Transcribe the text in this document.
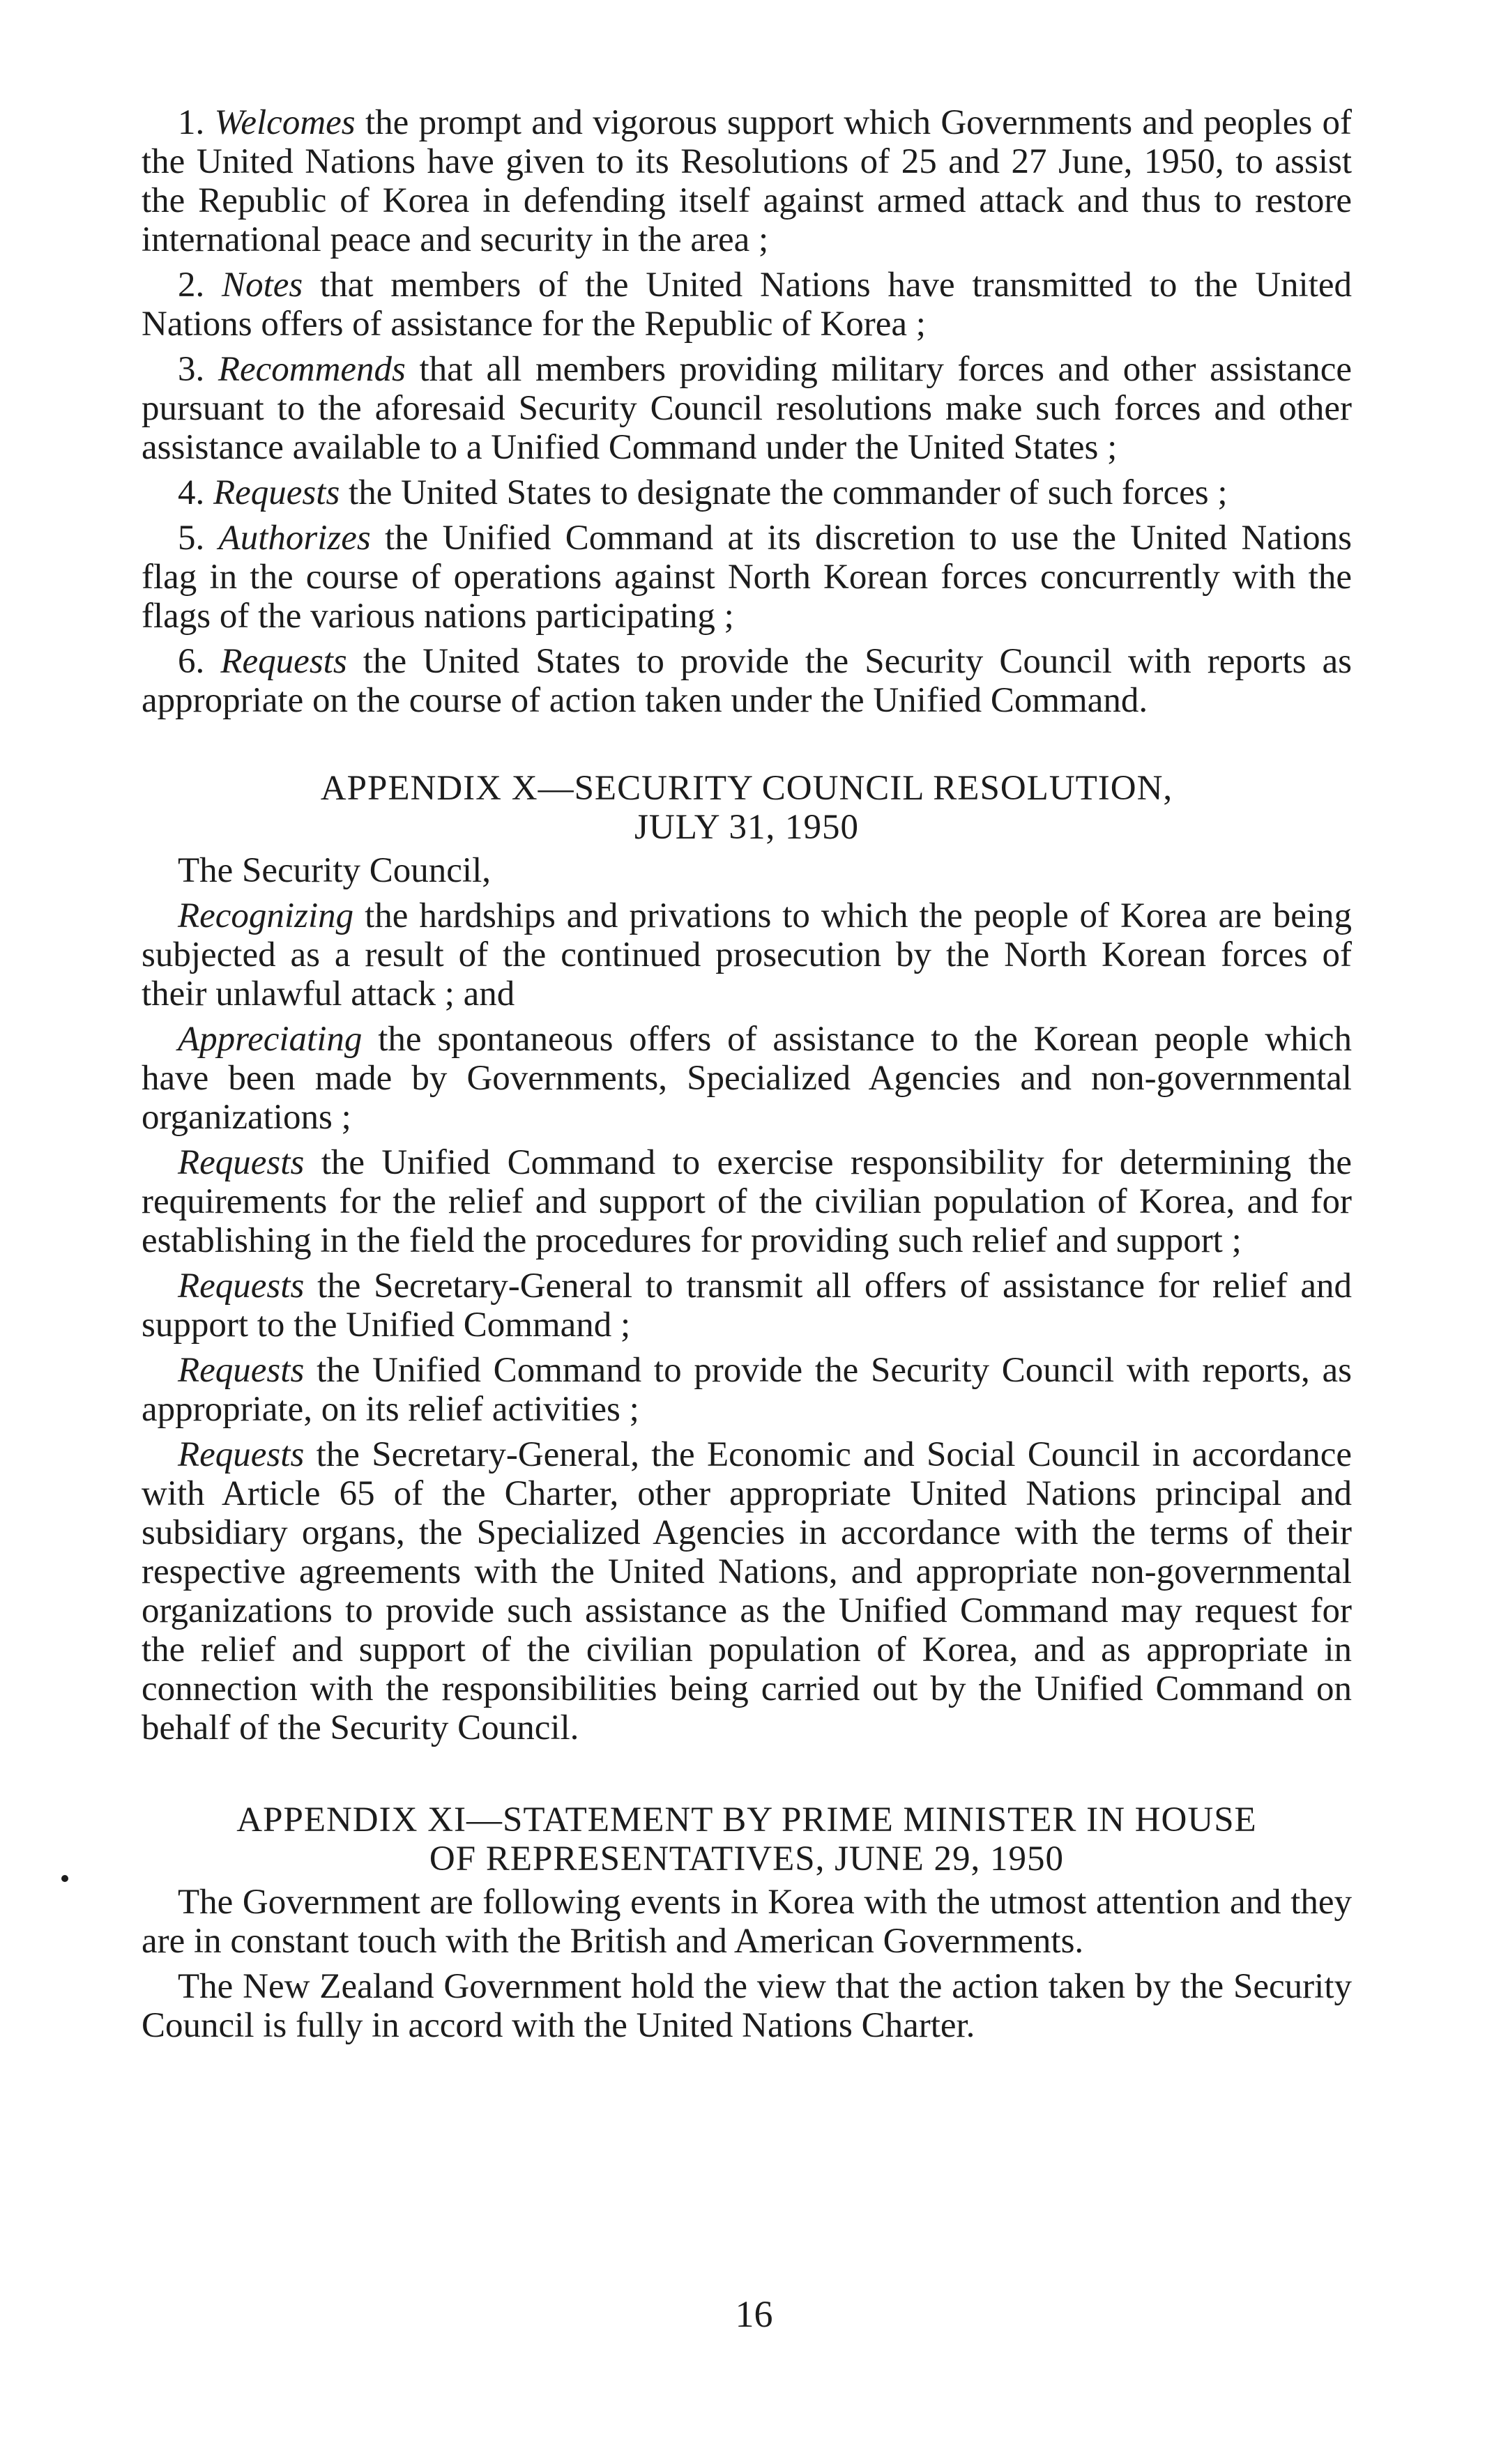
1. Welcomes the prompt and vigorous support which Governments and peoples of the United Nations have given to its Resolutions of 25 and 27 June, 1950, to assist the Republic of Korea in defending itself against armed attack and thus to restore international peace and security in the area ;

2. Notes that members of the United Nations have transmitted to the United Nations offers of assistance for the Republic of Korea ;

3. Recommends that all members providing military forces and other assistance pursuant to the aforesaid Security Council resolutions make such forces and other assistance available to a Unified Command under the United States ;

4. Requests the United States to designate the commander of such forces ;

5. Authorizes the Unified Command at its discretion to use the United Nations flag in the course of operations against North Korean forces concurrently with the flags of the various nations participating ;

6. Requests the United States to provide the Security Council with reports as appropriate on the course of action taken under the Unified Command.

APPENDIX X—SECURITY COUNCIL RESOLUTION,

JULY 31, 1950

The Security Council,

Recognizing the hardships and privations to which the people of Korea are being subjected as a result of the continued prosecution by the North Korean forces of their unlawful attack ; and

Appreciating the spontaneous offers of assistance to the Korean people which have been made by Governments, Specialized Agencies and non-governmental organizations ;

Requests the Unified Command to exercise responsibility for determining the requirements for the relief and support of the civilian population of Korea, and for establishing in the field the procedures for providing such relief and support ;

Requests the Secretary-General to transmit all offers of assistance for relief and support to the Unified Command ;

Requests the Unified Command to provide the Security Council with reports, as appropriate, on its relief activities ;

Requests the Secretary-General, the Economic and Social Council in accordance with Article 65 of the Charter, other appropriate United Nations principal and subsidiary organs, the Specialized Agencies in accordance with the terms of their respective agreements with the United Nations, and appropriate non-governmental organizations to provide such assistance as the Unified Command may request for the relief and support of the civilian population of Korea, and as appropriate in connection with the responsibilities being carried out by the Unified Command on behalf of the Security Council.

APPENDIX XI—STATEMENT BY PRIME MINISTER IN HOUSE

OF REPRESENTATIVES, JUNE 29, 1950

The Government are following events in Korea with the utmost attention and they are in constant touch with the British and American Governments.

The New Zealand Government hold the view that the action taken by the Security Council is fully in accord with the United Nations Charter.

16
